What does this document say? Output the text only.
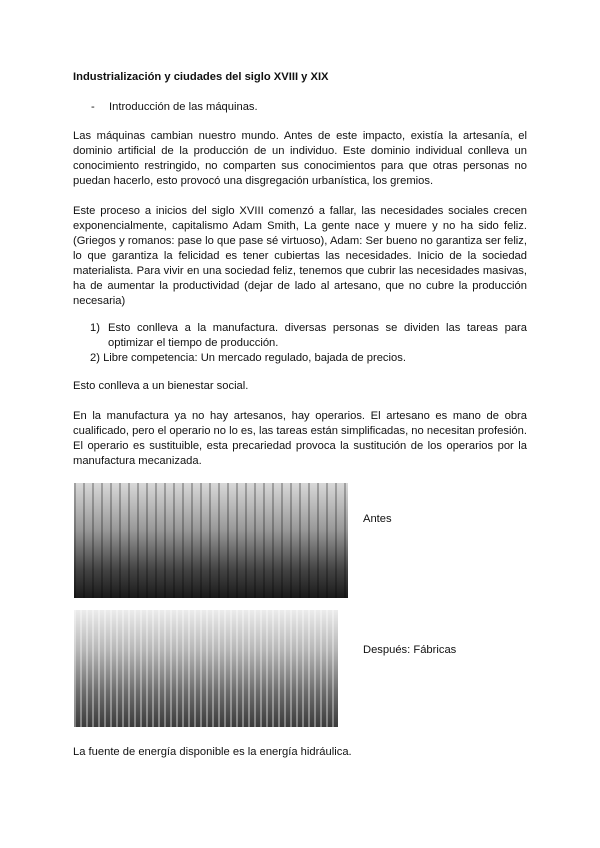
Industrialización y ciudades del siglo XVIII y XIX
- Introducción de las máquinas.
Las máquinas cambian nuestro mundo. Antes de este impacto, existía la artesanía, el dominio artificial de la producción de un individuo. Este dominio individual conlleva un conocimiento restringido, no comparten sus conocimientos para que otras personas no puedan hacerlo, esto provocó una disgregación urbanística, los gremios.
Este proceso a inicios del siglo XVIII comenzó a fallar, las necesidades sociales crecen exponencialmente, capitalismo Adam Smith, La gente nace y muere y no ha sido feliz. (Griegos y romanos: pase lo que pase sé virtuoso), Adam: Ser bueno no garantiza ser feliz, lo que garantiza la felicidad es tener cubiertas las necesidades. Inicio de la sociedad materialista. Para vivir en una sociedad feliz, tenemos que cubrir las necesidades masivas, ha de aumentar la productividad (dejar de lado al artesano, que no cubre la producción necesaria)
1) Esto conlleva a la manufactura. diversas personas se dividen las tareas para optimizar el tiempo de producción.
2) Libre competencia: Un mercado regulado, bajada de precios.
Esto conlleva a un bienestar social.
En la manufactura ya no hay artesanos, hay operarios. El artesano es mano de obra cualificado, pero el operario no lo es, las tareas están simplificadas, no necesitan profesión. El operario es sustituible, esta precariedad provoca la sustitución de los operarios por la manufactura mecanizada.
Antes
Después: Fábricas
La fuente de energía disponible es la energía hidráulica.
